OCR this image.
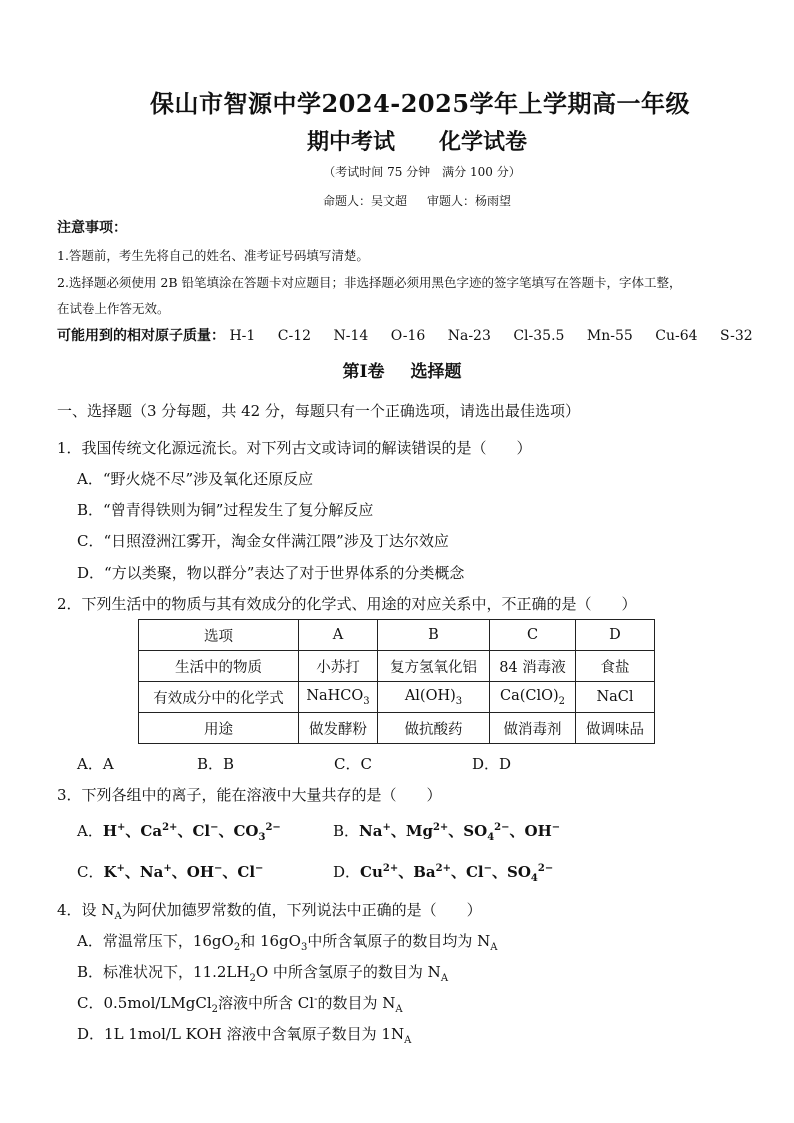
保山市智源中学2024-2025学年上学期高一年级
期中考试 化学试卷
（考试时间 75 分钟　满分 100 分）
命题人：吴文超 审题人：杨雨望
注意事项：
1.答题前，考生先将自己的姓名、准考证号码填写清楚。
2.选择题必须使用 2B 铅笔填涂在答题卡对应题目；非选择题必须用黑色字迹的签字笔填写在答题卡，字体工整，
在试卷上作答无效。
可能用到的相对原子质量： H-1 C-12 N-14 O-16 Na-23 Cl-35.5 Mn-55 Cu-64 S-32
第Ⅰ卷 选择题
一、选择题（3 分每题，共 42 分，每题只有一个正确选项，请选出最佳选项）
1．我国传统文化源远流长。对下列古文或诗词的解读错误的是（　　）
A．“野火烧不尽”涉及氧化还原反应
B．“曾青得铁则为铜”过程发生了复分解反应
C．“日照澄洲江雾开，淘金女伴满江隈”涉及丁达尔效应
D．“方以类聚，物以群分”表达了对于世界体系的分类概念
2．下列生活中的物质与其有效成分的化学式、用途的对应关系中，不正确的是（　　）
选项	A	B	C	D
生活中的物质	小苏打	复方氢氧化铝	84 消毒液	食盐
有效成分中的化学式	NaHCO$_3$	$Al(OH)_3$	$Ca(ClO)_2$	NaCl
用途	做发酵粉	做抗酸药	做消毒剂	做调味品
A．A	B．B	C．C	D．D
3．下列各组中的离子，能在溶液中大量共存的是（　　）
A．H+、$Ca^{2+}$、Cl−、$CO_3^{2-}$	B．Na+、$Mg^{2+}$、$SO_4^{2-}$、OH−
C．K+、Na+、OH−、Cl−	D．$Cu^{2+}$、$Ba^{2+}$、Cl−、$SO_4^{2-}$
4．设 $N_A$为阿伏加德罗常数的值，下列说法中正确的是（　　）
A．常温常压下，$16gO_2$和 $16gO_3$中所含氧原子的数目均为 $N_A$
B．标准状况下，$11.2LH_2O$ 中所含氢原子的数目为 $N_A$
C．0.5mol/LMgCl$_2$溶液中所含 Cl-的数目为 $N_A$
D．1L 1mol/L KOH 溶液中含氧原子数目为 $1N_A$
